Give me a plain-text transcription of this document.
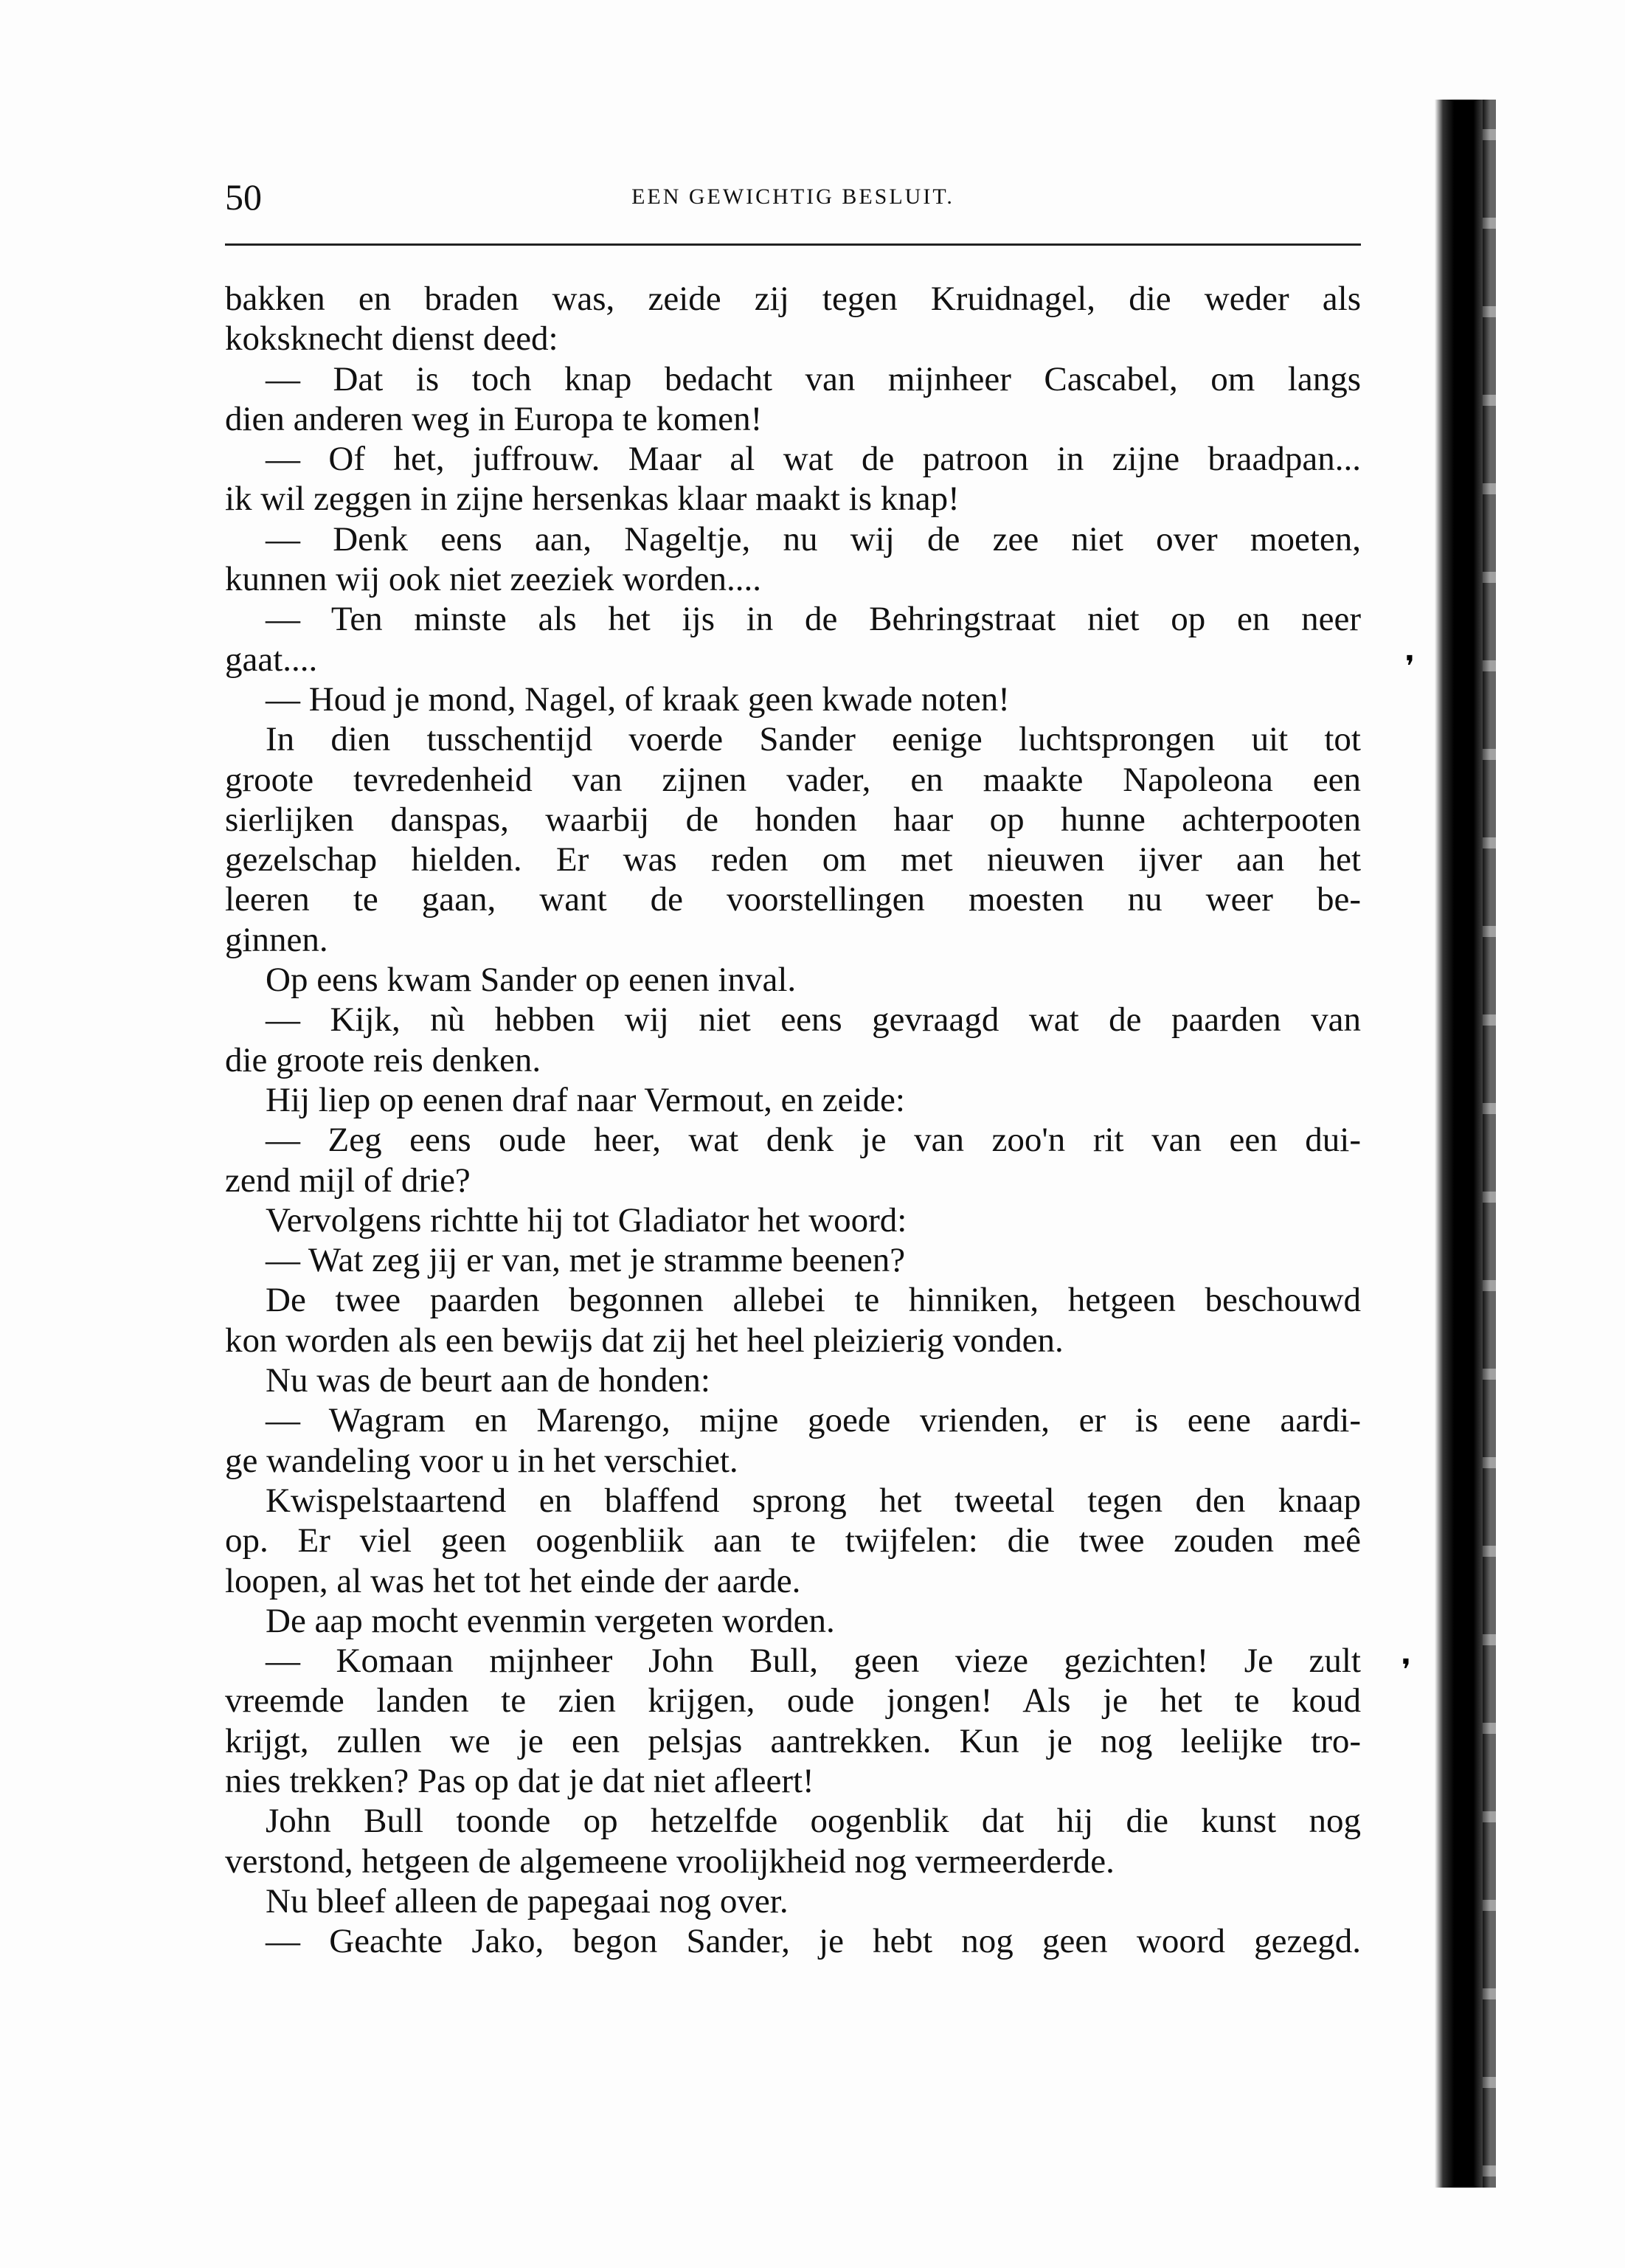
50	EEN GEWICHTIG BESLUIT.
bakken en braden was, zeide zij tegen Kruidnagel, die weder als
koksknecht dienst deed:
— Dat is toch knap bedacht van mijnheer Cascabel, om langs
dien anderen weg in Europa te komen!
— Of het, juffrouw. Maar al wat de patroon in zijne braadpan...
ik wil zeggen in zijne hersenkas klaar maakt is knap!
— Denk eens aan, Nageltje, nu wij de zee niet over moeten,
kunnen wij ook niet zeeziek worden....
— Ten minste als het ijs in de Behringstraat niet op en neer
gaat....
— Houd je mond, Nagel, of kraak geen kwade noten!
In dien tusschentijd voerde Sander eenige luchtsprongen uit tot
groote tevredenheid van zijnen vader, en maakte Napoleona een
sierlijken danspas, waarbij de honden haar op hunne achterpooten
gezelschap hielden. Er was reden om met nieuwen ijver aan het
leeren te gaan, want de voorstellingen moesten nu weer be-
ginnen.
Op eens kwam Sander op eenen inval.
— Kijk, nù hebben wij niet eens gevraagd wat de paarden van
die groote reis denken.
Hij liep op eenen draf naar Vermout, en zeide:
— Zeg eens oude heer, wat denk je van zoo'n rit van een dui-
zend mijl of drie?
Vervolgens richtte hij tot Gladiator het woord:
— Wat zeg jij er van, met je stramme beenen?
De twee paarden begonnen allebei te hinniken, hetgeen beschouwd
kon worden als een bewijs dat zij het heel pleizierig vonden.
Nu was de beurt aan de honden:
— Wagram en Marengo, mijne goede vrienden, er is eene aardi-
ge wandeling voor u in het verschiet.
Kwispelstaartend en blaffend sprong het tweetal tegen den knaap
op. Er viel geen oogenbliik aan te twijfelen: die twee zouden meê
loopen, al was het tot het einde der aarde.
De aap mocht evenmin vergeten worden.
— Komaan mijnheer John Bull, geen vieze gezichten! Je zult
vreemde landen te zien krijgen, oude jongen! Als je het te koud
krijgt, zullen we je een pelsjas aantrekken. Kun je nog leelijke tro-
nies trekken? Pas op dat je dat niet afleert!
John Bull toonde op hetzelfde oogenblik dat hij die kunst nog
verstond, hetgeen de algemeene vroolijkheid nog vermeerderde.
Nu bleef alleen de papegaai nog over.
— Geachte Jako, begon Sander, je hebt nog geen woord gezegd.
❜
❜
